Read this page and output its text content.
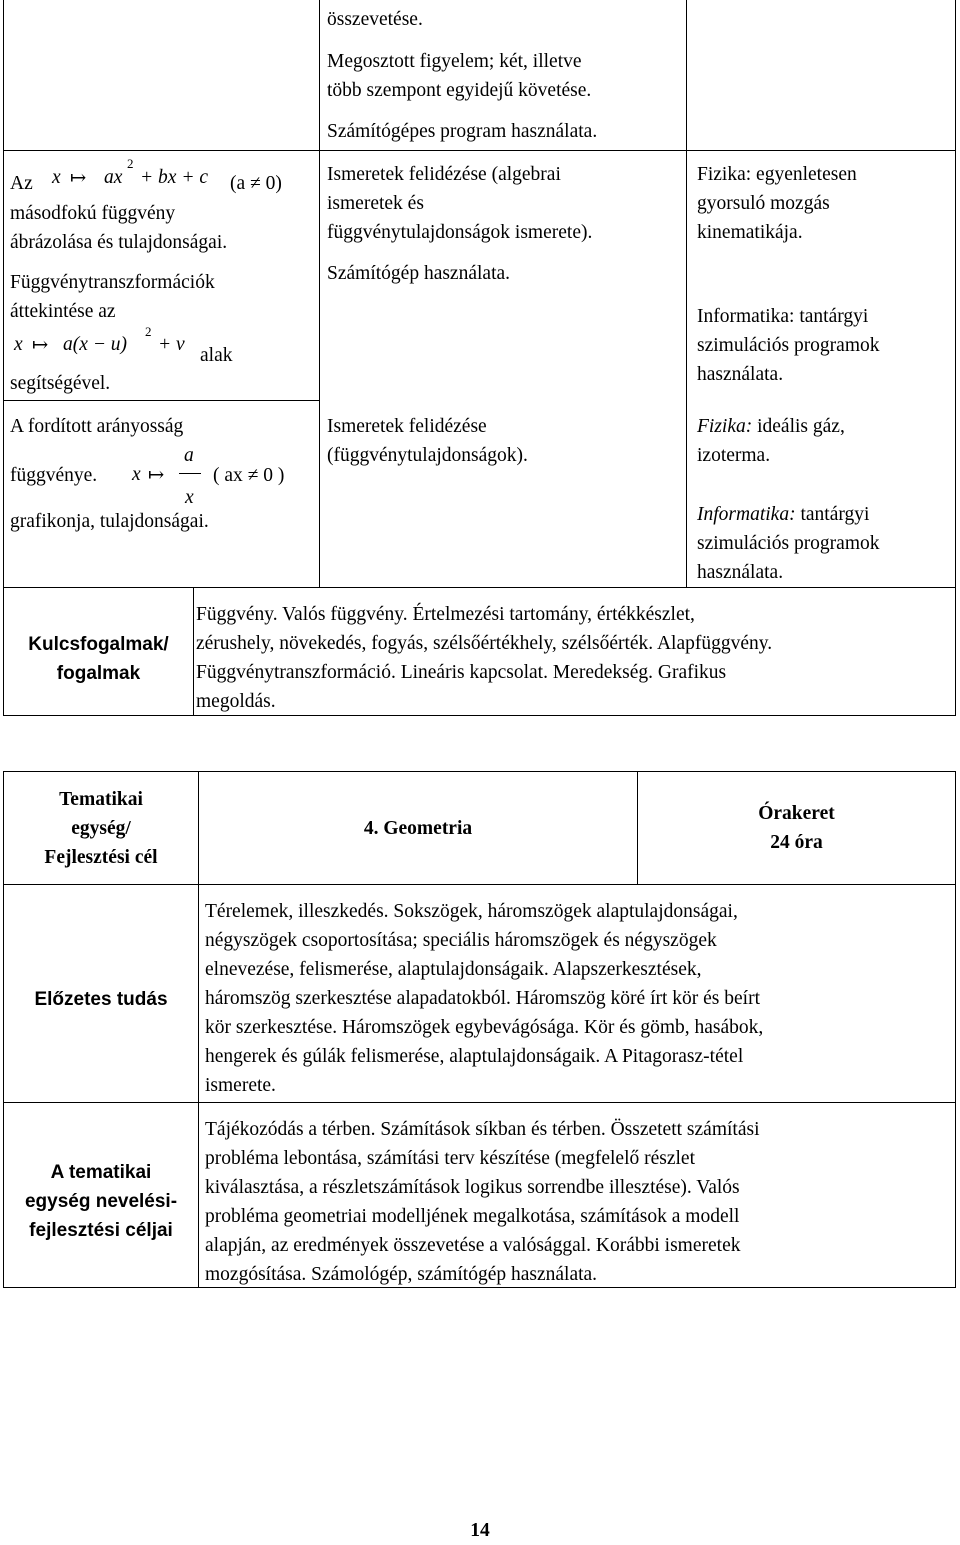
Az x ↦ ax
2
+ bx + c (a ≠ 0)
másodfokú függvény
ábrázolása és tulajdonságai.
Függvénytranszformációk
áttekintése az
x ↦ a(x − u)
2
+ v
alak
segítségével.
A fordított arányosság
függvénye. x ↦
a
x
( ax ≠ 0 )
grafikonja, tulajdonságai.
összevetése.
Megosztott figyelem; két, illetve
több szempont egyidejű követése.
Számítógépes program használata.
Ismeretek felidézése (algebrai
ismeretek és
függvénytulajdonságok ismerete).
Számítógép használata.
Ismeretek felidézése
(függvénytulajdonságok).
Fizika: egyenletesen
gyorsuló mozgás
kinematikája.
Informatika: tantárgyi
szimulációs programok
használata.
Fizika: ideális gáz,
izoterma.
Informatika: tantárgyi
szimulációs programok
használata.
Kulcsfogalmak/
fogalmak
Függvény. Valós függvény. Értelmezési tartomány, értékkészlet,
zérushely, növekedés, fogyás, szélsőértékhely, szélsőérték. Alapfüggvény.
Függvénytranszformáció. Lineáris kapcsolat. Meredekség. Grafikus
megoldás.
Tematikai
egység/
Fejlesztési cél
4. Geometria
Órakeret
24 óra
Előzetes tudás
Térelemek, illeszkedés. Sokszögek, háromszögek alaptulajdonságai,
négyszögek csoportosítása; speciális háromszögek és négyszögek
elnevezése, felismerése, alaptulajdonságaik. Alapszerkesztések,
háromszög szerkesztése alapadatokból. Háromszög köré írt kör és beírt
kör szerkesztése. Háromszögek egybevágósága. Kör és gömb, hasábok,
hengerek és gúlák felismerése, alaptulajdonságaik. A Pitagorasz-tétel
ismerete.
A tematikai
egység nevelési-
fejlesztési céljai
Tájékozódás a térben. Számítások síkban és térben. Összetett számítási
probléma lebontása, számítási terv készítése (megfelelő részlet
kiválasztása, a részletszámítások logikus sorrendbe illesztése). Valós
probléma geometriai modelljének megalkotása, számítások a modell
alapján, az eredmények összevetése a valósággal. Korábbi ismeretek
mozgósítása. Számológép, számítógép használata.
14
